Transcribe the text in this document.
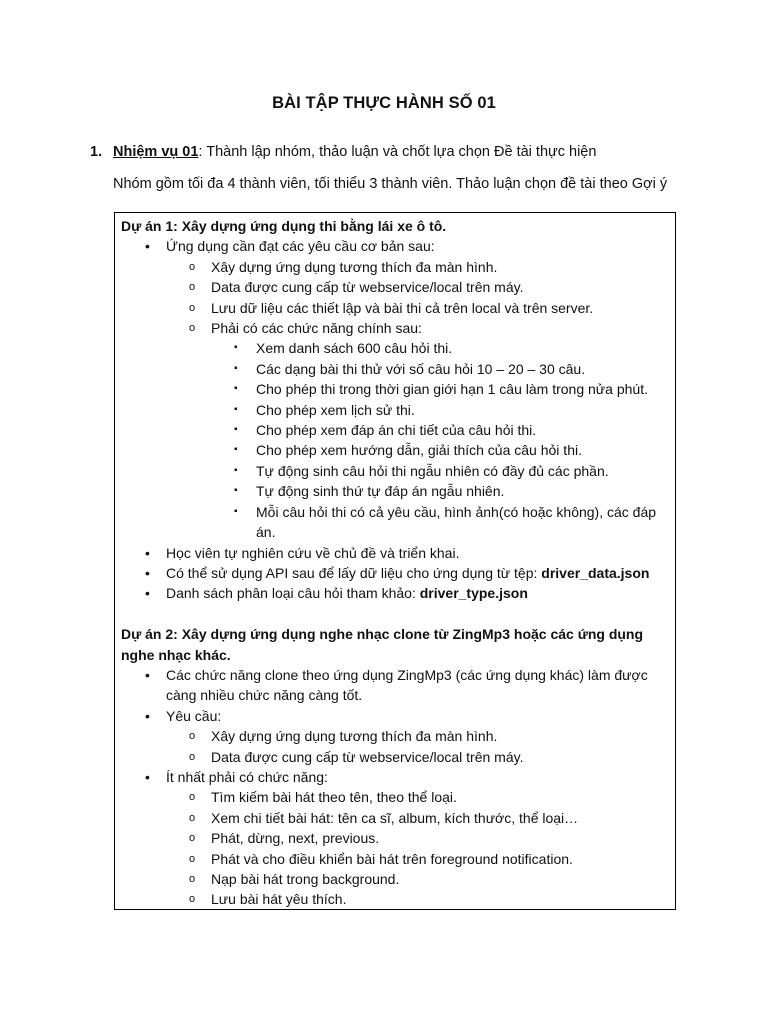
BÀI TẬP THỰC HÀNH SỐ 01
1. Nhiệm vụ 01: Thành lập nhóm, thảo luận và chốt lựa chọn Đề tài thực hiện
Nhóm gồm tối đa 4 thành viên, tối thiểu 3 thành viên. Thảo luận chọn đề tài theo Gợi ý
Dự án 1: Xây dựng ứng dụng thi bằng lái xe ô tô.
• Ứng dụng cần đạt các yêu cầu cơ bản sau:
o Xây dựng ứng dụng tương thích đa màn hình.
o Data được cung cấp từ webservice/local trên máy.
o Lưu dữ liệu các thiết lập và bài thi cả trên local và trên server.
o Phải có các chức năng chính sau:
▪ Xem danh sách 600 câu hỏi thi.
▪ Các dạng bài thi thử với số câu hỏi 10 – 20 – 30 câu.
▪ Cho phép thi trong thời gian giới hạn 1 câu làm trong nửa phút.
▪ Cho phép xem lịch sử thi.
▪ Cho phép xem đáp án chi tiết của câu hỏi thi.
▪ Cho phép xem hướng dẫn, giải thích của câu hỏi thi.
▪ Tự động sinh câu hỏi thi ngẫu nhiên có đầy đủ các phần.
▪ Tự động sinh thứ tự đáp án ngẫu nhiên.
▪ Mỗi câu hỏi thi có cả yêu cầu, hình ảnh(có hoặc không), các đáp án.
• Học viên tự nghiên cứu về chủ đề và triển khai.
• Có thể sử dụng API sau để lấy dữ liệu cho ứng dụng từ tệp: driver_data.json
• Danh sách phân loại câu hỏi tham khảo: driver_type.json
Dự án 2: Xây dựng ứng dụng nghe nhạc clone từ ZingMp3 hoặc các ứng dụng nghe nhạc khác.
• Các chức năng clone theo ứng dụng ZingMp3 (các ứng dụng khác) làm được càng nhiều chức năng càng tốt.
• Yêu cầu:
o Xây dựng ứng dụng tương thích đa màn hình.
o Data được cung cấp từ webservice/local trên máy.
• Ít nhất phải có chức năng:
o Tìm kiếm bài hát theo tên, theo thể loại.
o Xem chi tiết bài hát: tên ca sĩ, album, kích thước, thể loại…
o Phát, dừng, next, previous.
o Phát và cho điều khiển bài hát trên foreground notification.
o Nạp bài hát trong background.
o Lưu bài hát yêu thích.
